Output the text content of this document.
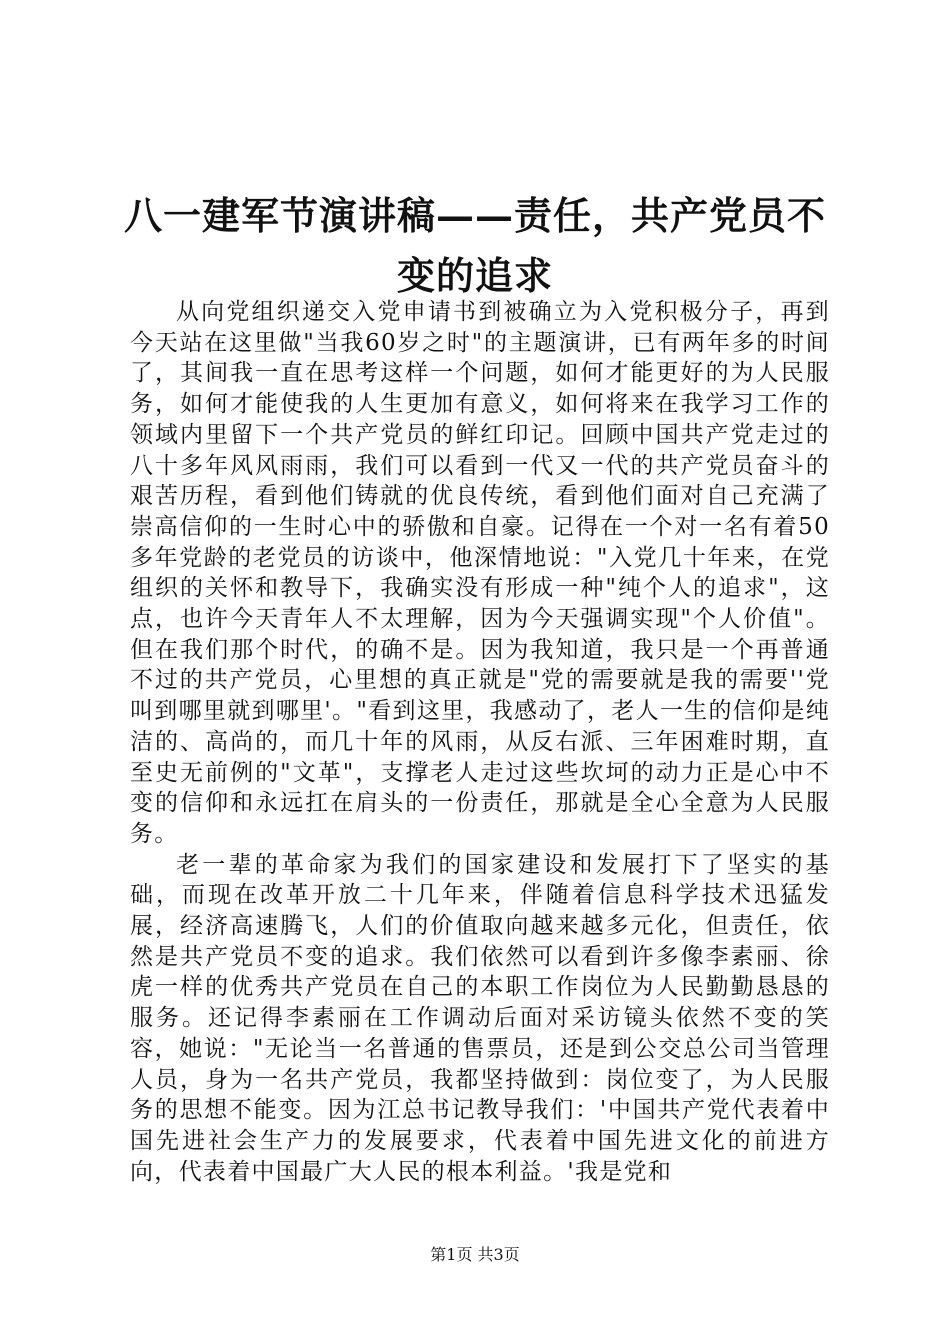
八一建军节演讲稿——责任，共产党员不变的追求

从向党组织递交入党申请书到被确立为入党积极分子，再到今天站在这里做"当我60岁之时"的主题演讲，已有两年多的时间了，其间我一直在思考这样一个问题，如何才能更好的为人民服务，如何才能使我的人生更加有意义，如何将来在我学习工作的领域内里留下一个共产党员的鲜红印记。回顾中国共产党走过的八十多年风风雨雨，我们可以看到一代又一代的共产党员奋斗的艰苦历程，看到他们铸就的优良传统，看到他们面对自己充满了崇高信仰的一生时心中的骄傲和自豪。记得在一个对一名有着50多年党龄的老党员的访谈中，他深情地说："入党几十年来，在党组织的关怀和教导下，我确实没有形成一种"纯个人的追求"，这点，也许今天青年人不太理解，因为今天强调实现"个人价值"。但在我们那个时代，的确不是。因为我知道，我只是一个再普通不过的共产党员，心里想的真正就是"党的需要就是我的需要''党叫到哪里就到哪里'。"看到这里，我感动了，老人一生的信仰是纯洁的、高尚的，而几十年的风雨，从反右派、三年困难时期，直至史无前例的"文革"，支撑老人走过这些坎坷的动力正是心中不变的信仰和永远扛在肩头的一份责任，那就是全心全意为人民服务。

老一辈的革命家为我们的国家建设和发展打下了坚实的基础，而现在改革开放二十几年来，伴随着信息科学技术迅猛发展，经济高速腾飞，人们的价值取向越来越多元化，但责任，依然是共产党员不变的追求。我们依然可以看到许多像李素丽、徐虎一样的优秀共产党员在自己的本职工作岗位为人民勤勤恳恳的服务。还记得李素丽在工作调动后面对采访镜头依然不变的笑容，她说："无论当一名普通的售票员，还是到公交总公司当管理人员，身为一名共产党员，我都坚持做到：岗位变了，为人民服务的思想不能变。因为江总书记教导我们：'中国共产党代表着中国先进社会生产力的发展要求，代表着中国先进文化的前进方向，代表着中国最广大人民的根本利益。'我是党和

第1页 共3页
